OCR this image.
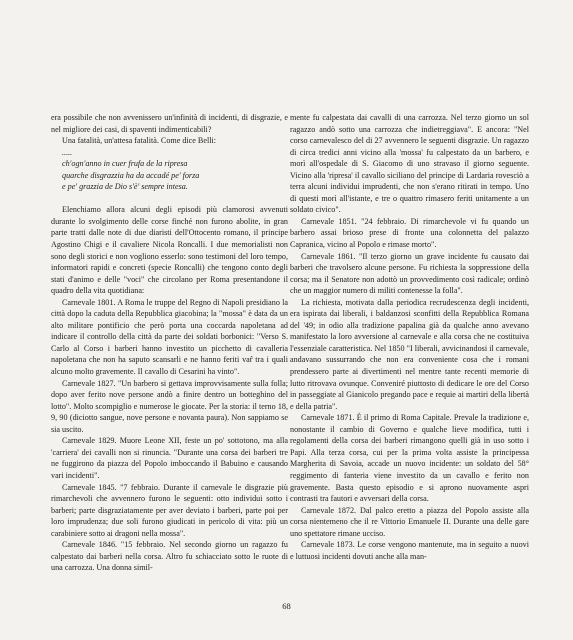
era possibile che non avvenissero un'infinità di incidenti, di disgrazie, e nel migliore dei casi, di spaventi indimenticabili?

Una fatalità, un'attesa fatalità. Come dice Belli:

.....
ch'ogn'anno in cuer frufa de la ripresa
quarche disgrazzia ha da accadé pe' forza
e pe' grazzia de Dio s'è' sempre intesa.

Elenchiamo allora alcuni degli episodi più clamorosi avvenuti durante lo svolgimento delle corse finché non furono abolite, in gran parte tratti dalle note di due diaristi dell'Ottocento romano, il principe Agostino Chigi e il cavaliere Nicola Roncalli. I due memorialisti non sono degli storici e non vogliono esserlo: sono testimoni del loro tempo, informatori rapidi e concreti (specie Roncalli) che tengono conto degli stati d'animo e delle "voci" che circolano per Roma presentandone il quadro della vita quotidiana:

Carnevale 1801. A Roma le truppe del Regno di Napoli presidiano la città dopo la caduta della Repubblica giacobina; la "mossa" è data da un alto militare pontificio che però porta una coccarda napoletana ad indicare il controllo della città da parte dei soldati borbonici: "Verso S. Carlo al Corso i barberi hanno investito un picchetto di cavalleria napoletana che non ha saputo scansarli e ne hanno feriti var̂ tra i quali alcuno molto gravemente. Il cavallo di Cesarini ha vinto".

Carnevale 1827. "Un barbero si gettava improvvisamente sulla folla; dopo aver ferito nove persone andò a finire dentro un botteghino del lotto". Molto scompiglio e numerose le giocate. Per la storia: il terno 18, 9, 90 (diciotto sangue, nove persone e novanta paura). Non sappiamo se sia uscito.

Carnevale 1829. Muore Leone XII, feste un po' sottotono, ma alla 'carriera' dei cavalli non si rinuncia. "Durante una corsa dei barberi tre ne fuggirono da piazza del Popolo imboccando il Babuino e causando vari incidenti".

Carnevale 1845. "7 febbraio. Durante il carnevale le disgrazie più rimarchevoli che avvennero furono le seguenti: otto individui sotto i barberi; parte disgraziatamente per aver deviato i barberi, parte poi per loro imprudenza; due soli furono giudicati in pericolo di vita: più un carabiniere sotto ai dragoni nella mossa".

Carnevale 1846. "15 febbraio. Nel secondo giorno un ragazzo fu calpestato dai barberi nella corsa. Altro fu schiacciato sotto le ruote di una carrozza. Una donna simil-

mente fu calpestata dai cavalli di una carrozza. Nel terzo giorno un sol ragazzo andò sotto una carrozza che indietreggiava". E ancora: "Nel corso carnevalesco del di 27 avvennero le seguenti disgrazie. Un ragazzo di circa tredici anni vicino alla 'mossa' fu calpestato da un barbero, e morì all'ospedale di S. Giacomo di uno stravaso il giorno seguente. Vicino alla 'ripresa' il cavallo siciliano del principe di Lardaria rovesciò a terra alcuni individui imprudenti, che non s'erano ritirati in tempo. Uno di questi morì all'istante, e tre o quattro rimasero feriti unitamente a un soldato civico".

Carnevale 1851. "24 febbraio. Di rimarchevole vi fu quando un barbero assai brioso prese di fronte una colonnetta del palazzo Capranica, vicino al Popolo e rimase morto".

Carnevale 1861. "Il terzo giorno un grave incidente fu causato dai barberi che travolsero alcune persone. Fu richiesta la soppressione della corsa; ma il Senatore non adottò un provvedimento così radicale; ordinò che un maggior numero di militi contenesse la folla".

La richiesta, motivata dalla periodica recrudescenza degli incidenti, era ispirata dai liberali, i baldanzosi sconfitti della Repubblica Romana del '49; in odio alla tradizione papalina già da qualche anno avevano manifestato la loro avversione al carnevale e alla corsa che ne costituiva l'essenziale caratteristica. Nel 1850 "I liberali, avvicinandosi il carnevale, andavano sussurrando che non era conveniente cosa che i romani prendessero parte ai divertimenti nel mentre tante recenti memorie di lutto ritrovava ovunque. Conveniré piuttosto di dedicare le ore del Corso in passeggiate al Gianicolo pregando pace e requie ai martiri della libertà e della patria".

Carnevale 1871. È il primo di Roma Capitale. Prevale la tradizione e, nonostante il cambio di Governo e qualche lieve modifica, tutti i regolamenti della corsa dei barberi rimangono quelli già in uso sotto i Papi. Alla terza corsa, cui per la prima volta assiste la principessa Margherita di Savoia, accade un nuovo incidente: un soldato del 58° reggimento di fanteria viene investito da un cavallo e ferito non gravemente. Basta questo episodio e si aprono nuovamente aspri contrasti tra fautori e avversari della corsa.

Carnevale 1872. Dal palco eretto a piazza del Popolo assiste alla corsa nientemeno che il re Vittorio Emanuele II. Durante una delle gare uno spettatore rimane ucciso.

Carnevale 1873. Le corse vengono mantenute, ma in seguito a nuovi e luttuosi incidenti dovuti anche alla man-

68
